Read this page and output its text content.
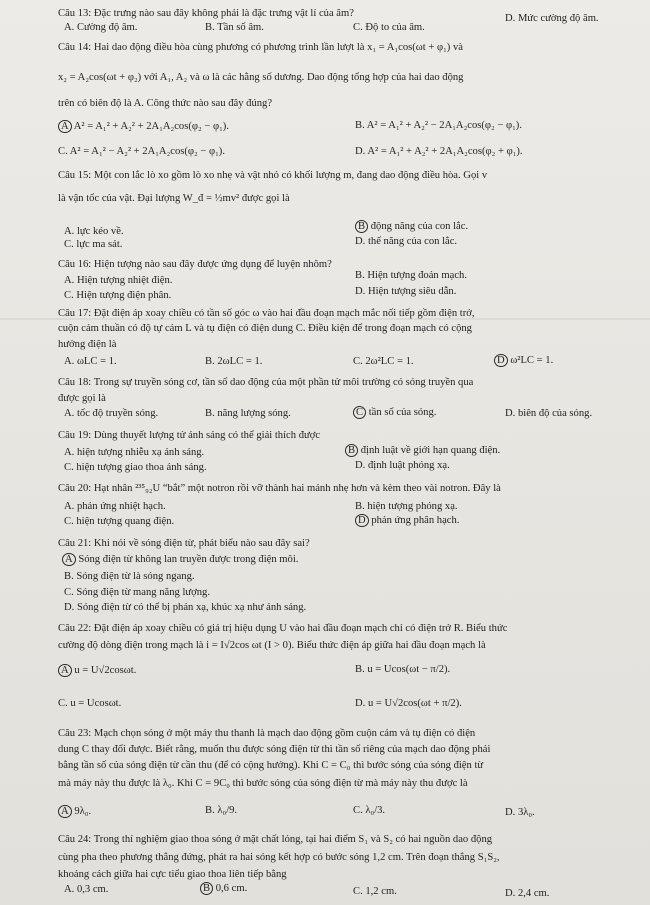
Câu 13: Đặc trưng nào sau đây không phải là đặc trưng vật lí của âm?	D. Mức cường độ âm.
A. Cường độ âm.	B. Tần số âm.	C. Độ to của âm.
Câu 14: Hai dao động điều hòa cùng phương có phương trình lần lượt là x₁ = A₁cos(ωt + φ₁) và
x₂ = A₂cos(ωt + φ₂) với A₁, A₂ và ω là các hằng số dương. Dao động tổng hợp của hai dao động
trên có biên độ là A. Công thức nào sau đây đúng?
A A² = A₁² + A₂² + 2A₁A₂cos(φ₂ − φ₁).	B. A² = A₁² + A₂² − 2A₁A₂cos(φ₂ − φ₁).
C. A² = A₁² − A₂² + 2A₁A₂cos(φ₂ − φ₁).	D. A² = A₁² + A₂² + 2A₁A₂cos(φ₂ + φ₁).
Câu 15: Một con lắc lò xo gồm lò xo nhẹ và vật nhỏ có khối lượng m, đang dao động điều hòa. Gọi v
là vận tốc của vật. Đại lượng W_đ = ½mv² được gọi là
A. lực kéo về.	B động năng của con lắc.
C. lực ma sát.	D. thế năng của con lắc.
Câu 16: Hiện tượng nào sau đây được ứng dụng để luyện nhôm?
A. Hiện tượng nhiệt điện.	B. Hiện tượng đoản mạch.
C. Hiện tượng điện phân.	D. Hiện tượng siêu dẫn.
Câu 17: Đặt điện áp xoay chiều có tần số góc ω vào hai đầu đoạn mạch mắc nối tiếp gồm điện trở,
cuộn cảm thuần có độ tự cảm L và tụ điện có điện dung C. Điều kiện để trong đoạn mạch có cộng
hưởng điện là
A. ωLC = 1.	B. 2ωLC = 1.	C. 2ω²LC = 1.	D ω²LC = 1.
Câu 18: Trong sự truyền sóng cơ, tần số dao động của một phần tử môi trường có sóng truyền qua
được gọi là
A. tốc độ truyền sóng.	B. năng lượng sóng.	C tần số của sóng.	D. biên độ của sóng.
Câu 19: Dùng thuyết lượng tử ánh sáng có thể giải thích được
A. hiện tượng nhiễu xạ ánh sáng.	B định luật về giới hạn quang điện.
C. hiện tượng giao thoa ánh sáng.	D. định luật phóng xạ.
Câu 20: Hạt nhân ²³⁵₉₂U “bắt” một notron rồi vỡ thành hai mảnh nhẹ hơn và kèm theo vài notron. Đây là
A. phản ứng nhiệt hạch.	B. hiện tượng phóng xạ.
C. hiện tượng quang điện.	D phản ứng phân hạch.
Câu 21: Khi nói về sóng điện từ, phát biểu nào sau đây sai?
A Sóng điện từ không lan truyền được trong điện môi.
B. Sóng điện từ là sóng ngang.
C. Sóng điện từ mang năng lượng.
D. Sóng điện từ có thể bị phản xạ, khúc xạ như ánh sáng.
Câu 22: Đặt điện áp xoay chiều có giá trị hiệu dụng U vào hai đầu đoạn mạch chỉ có điện trở R. Biểu thức
cường độ dòng điện trong mạch là i = I√2cos ωt (I > 0). Biểu thức điện áp giữa hai đầu đoạn mạch là
A u = U√2cosωt.	B. u = Ucos(ωt − π/2).
C. u = Ucosωt.	D. u = U√2cos(ωt + π/2).
Câu 23: Mạch chọn sóng ở một máy thu thanh là mạch dao động gồm cuộn cảm và tụ điện có điện
dung C thay đổi được. Biết rằng, muốn thu được sóng điện từ thì tần số riêng của mạch dao động phải
bằng tần số của sóng điện từ cần thu (để có cộng hưởng). Khi C = C₀ thì bước sóng của sóng điện từ
mà máy này thu được là λ₀. Khi C = 9C₀ thì bước sóng của sóng điện từ mà máy này thu được là
A 9λ₀.	B. λ₀/9.	C. λ₀/3.	D. 3λ₀.
Câu 24: Trong thí nghiệm giao thoa sóng ở mặt chất lỏng, tại hai điểm S₁ và S₂ có hai nguồn dao động
cùng pha theo phương thẳng đứng, phát ra hai sóng kết hợp có bước sóng 1,2 cm. Trên đoạn thẳng S₁S₂,
khoảng cách giữa hai cực tiểu giao thoa liên tiếp bằng
A. 0,3 cm.	B 0,6 cm.	C. 1,2 cm.	D. 2,4 cm.
